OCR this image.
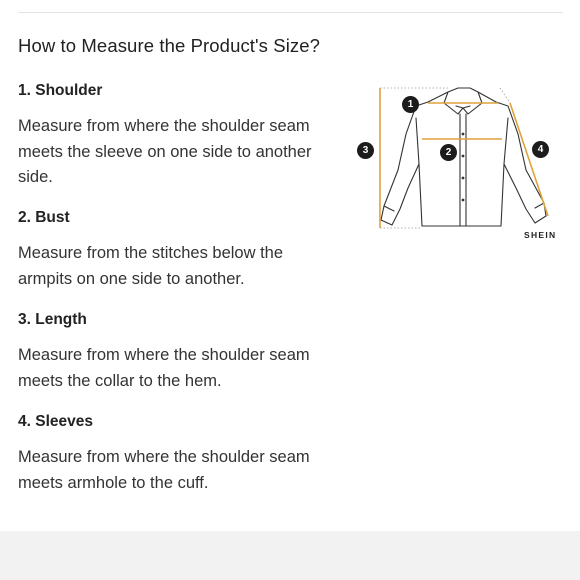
How to Measure the Product's Size?
1. Shoulder
Measure from where the shoulder seam meets the sleeve on one side to another side.
2. Bust
Measure from the stitches below the armpits on one side to another.
3. Length
Measure from where the shoulder seam meets the collar to the hem.
4. Sleeves
Measure from where the shoulder seam meets armhole to the cuff.
1
2
3	4
SHEIN
